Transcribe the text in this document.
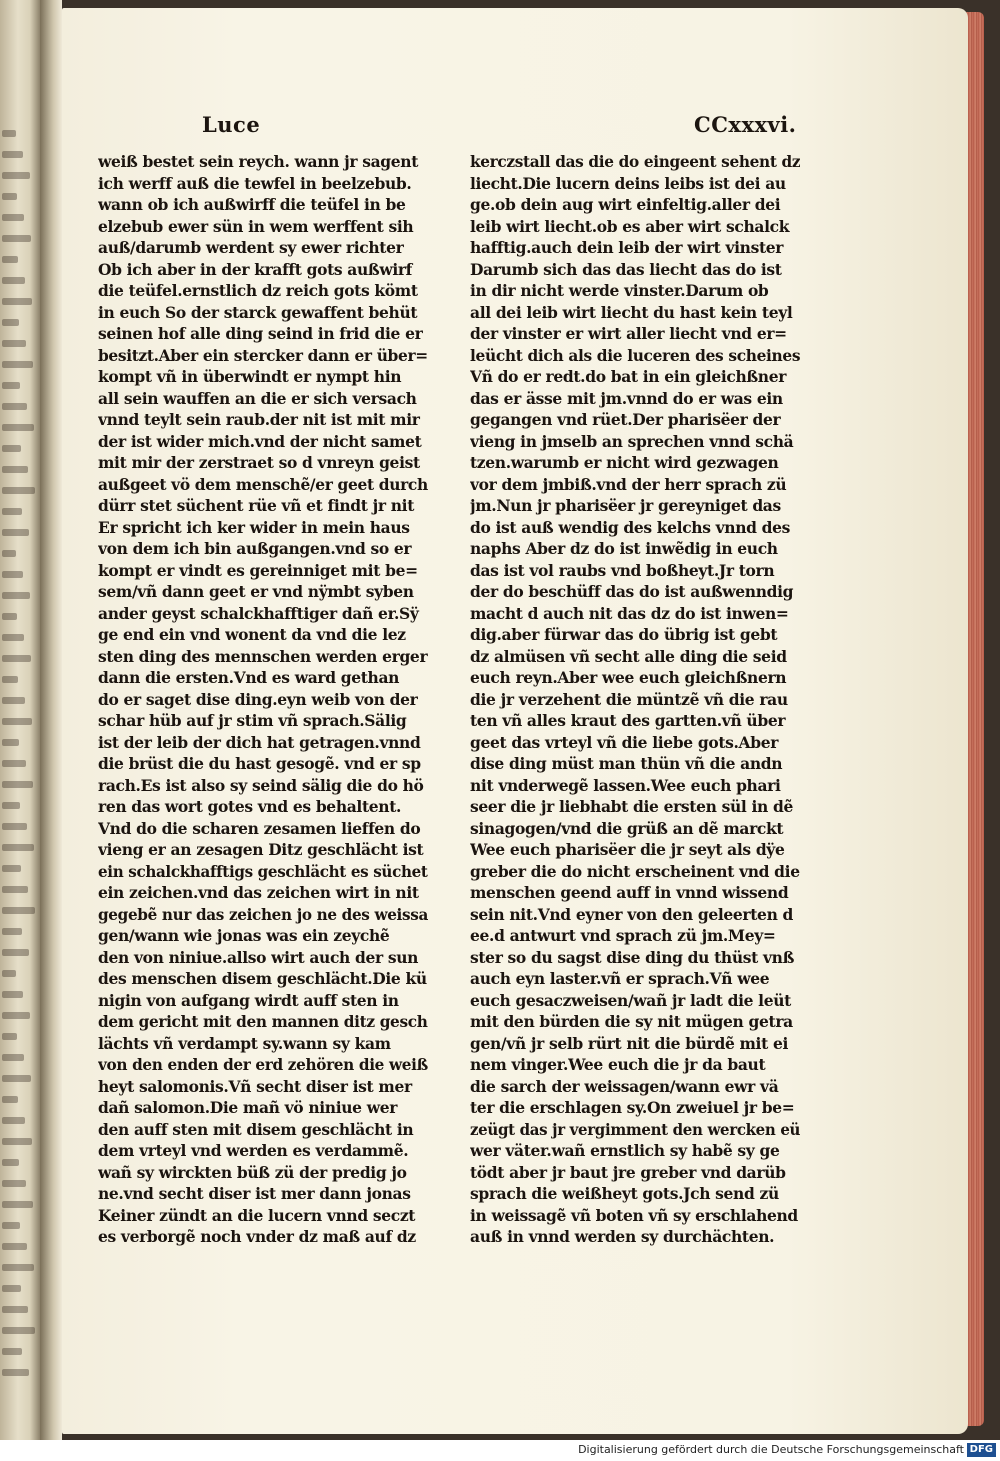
Luce	CCxxxvi.
weiß bestet sein reych. wann jr sagent
ich werff auß die tewfel in beelzebub.
wann ob ich außwirff die teüfel in be
elzebub ewer sün in wem werffent sih
auß/darumb werdent sy ewer richter
Ob ich aber in der krafft gots außwirf
die teüfel.ernstlich dz reich gots kömt
in euch So der starck gewaffent behüt
seinen hof alle ding seind in frid die er
besitzt.Aber ein stercker dann er über=
kompt vñ in überwindt er nympt hin
all sein wauffen an die er sich versach
vnnd teylt sein raub.der nit ist mit mir
der ist wider mich.vnd der nicht samet
mit mir der zerstraet so d vnreyn geist
außgeet vö dem menschẽ/er geet durch
dürr stet süchent rüe vñ et findt jr nit
Er spricht ich ker wider in mein haus
von dem ich bin außgangen.vnd so er
kompt er vindt es gereinniget mit be=
sem/vñ dann geet er vnd nÿmbt syben
ander geyst schalckhafftiger dañ er.Sÿ
ge end ein vnd wonent da vnd die lez
sten ding des mennschen werden erger
dann die ersten.Vnd es ward gethan
do er saget dise ding.eyn weib von der
schar hüb auf jr stim vñ sprach.Sälig
ist der leib der dich hat getragen.vnnd
die brüst die du hast gesogẽ. vnd er sp
rach.Es ist also sy seind sälig die do hö
ren das wort gotes vnd es behaltent.
Vnd do die scharen zesamen lieffen do
vieng er an zesagen Ditz geschlächt ist
ein schalckhafftigs geschlächt es süchet
ein zeichen.vnd das zeichen wirt in nit
gegebẽ nur das zeichen jo ne des weissa
gen/wann wie jonas was ein zeychẽ
den von niniue.allso wirt auch der sun
des menschen disem geschlächt.Die kü
nigin von aufgang wirdt auff sten in
dem gericht mit den mannen ditz gesch
lächts vñ verdampt sy.wann sy kam
von den enden der erd zehören die weiß
heyt salomonis.Vñ secht diser ist mer
dañ salomon.Die mañ vö niniue wer
den auff sten mit disem geschlächt in
dem vrteyl vnd werden es verdammẽ.
wañ sy wirckten büß zü der predig jo
ne.vnd secht diser ist mer dann jonas
Keiner zündt an die lucern vnnd seczt
es verborgẽ noch vnder dz maß auf dz
kerczstall das die do eingeent sehent dz
liecht.Die lucern deins leibs ist dei au
ge.ob dein aug wirt einfeltig.aller dei
leib wirt liecht.ob es aber wirt schalck
hafftig.auch dein leib der wirt vinster
Darumb sich das das liecht das do ist
in dir nicht werde vinster.Darum ob
all dei leib wirt liecht du hast kein teyl
der vinster er wirt aller liecht vnd er=
leücht dich als die luceren des scheines
Vñ do er redt.do bat in ein gleichßner
das er ässe mit jm.vnnd do er was ein
gegangen vnd rüet.Der pharisëer der
vieng in jmselb an sprechen vnnd schä
tzen.warumb er nicht wird gezwagen
vor dem jmbiß.vnd der herr sprach zü
jm.Nun jr pharisëer jr gereyniget das
do ist auß wendig des kelchs vnnd des
naphs Aber dz do ist inwẽdig in euch
das ist vol raubs vnd boßheyt.Jr torn
der do beschüff das do ist außwenndig
macht d auch nit das dz do ist inwen=
dig.aber fürwar das do übrig ist gebt
dz almüsen vñ secht alle ding die seid
euch reyn.Aber wee euch gleichßnern
die jr verzehent die müntzẽ vñ die rau
ten vñ alles kraut des gartten.vñ über
geet das vrteyl vñ die liebe gots.Aber
dise ding müst man thün vñ die andn
nit vnderwegẽ lassen.Wee euch phari
seer die jr liebhabt die ersten sül in dẽ
sinagogen/vnd die grüß an dẽ marckt
Wee euch pharisëer die jr seyt als dÿe
greber die do nicht erscheinent vnd die
menschen geend auff in vnnd wissend
sein nit.Vnd eyner von den geleerten d
ee.d antwurt vnd sprach zü jm.Mey=
ster so du sagst dise ding du thüst vnß
auch eyn laster.vñ er sprach.Vñ wee
euch gesaczweisen/wañ jr ladt die leüt
mit den bürden die sy nit mügen getra
gen/vñ jr selb rürt nit die bürdẽ mit ei
nem vinger.Wee euch die jr da baut
die sarch der weissagen/wann ewr vä
ter die erschlagen sy.On zweiuel jr be=
zeügt das jr vergimment den wercken eü
wer väter.wañ ernstlich sy habẽ sy ge
tödt aber jr baut jre greber vnd darüb
sprach die weißheyt gots.Jch send zü
in weissagẽ vñ boten vñ sy erschlahend
auß in vnnd werden sy durchächten.
Digitalisierung gefördert durch die Deutsche Forschungsgemeinschaft DFG
